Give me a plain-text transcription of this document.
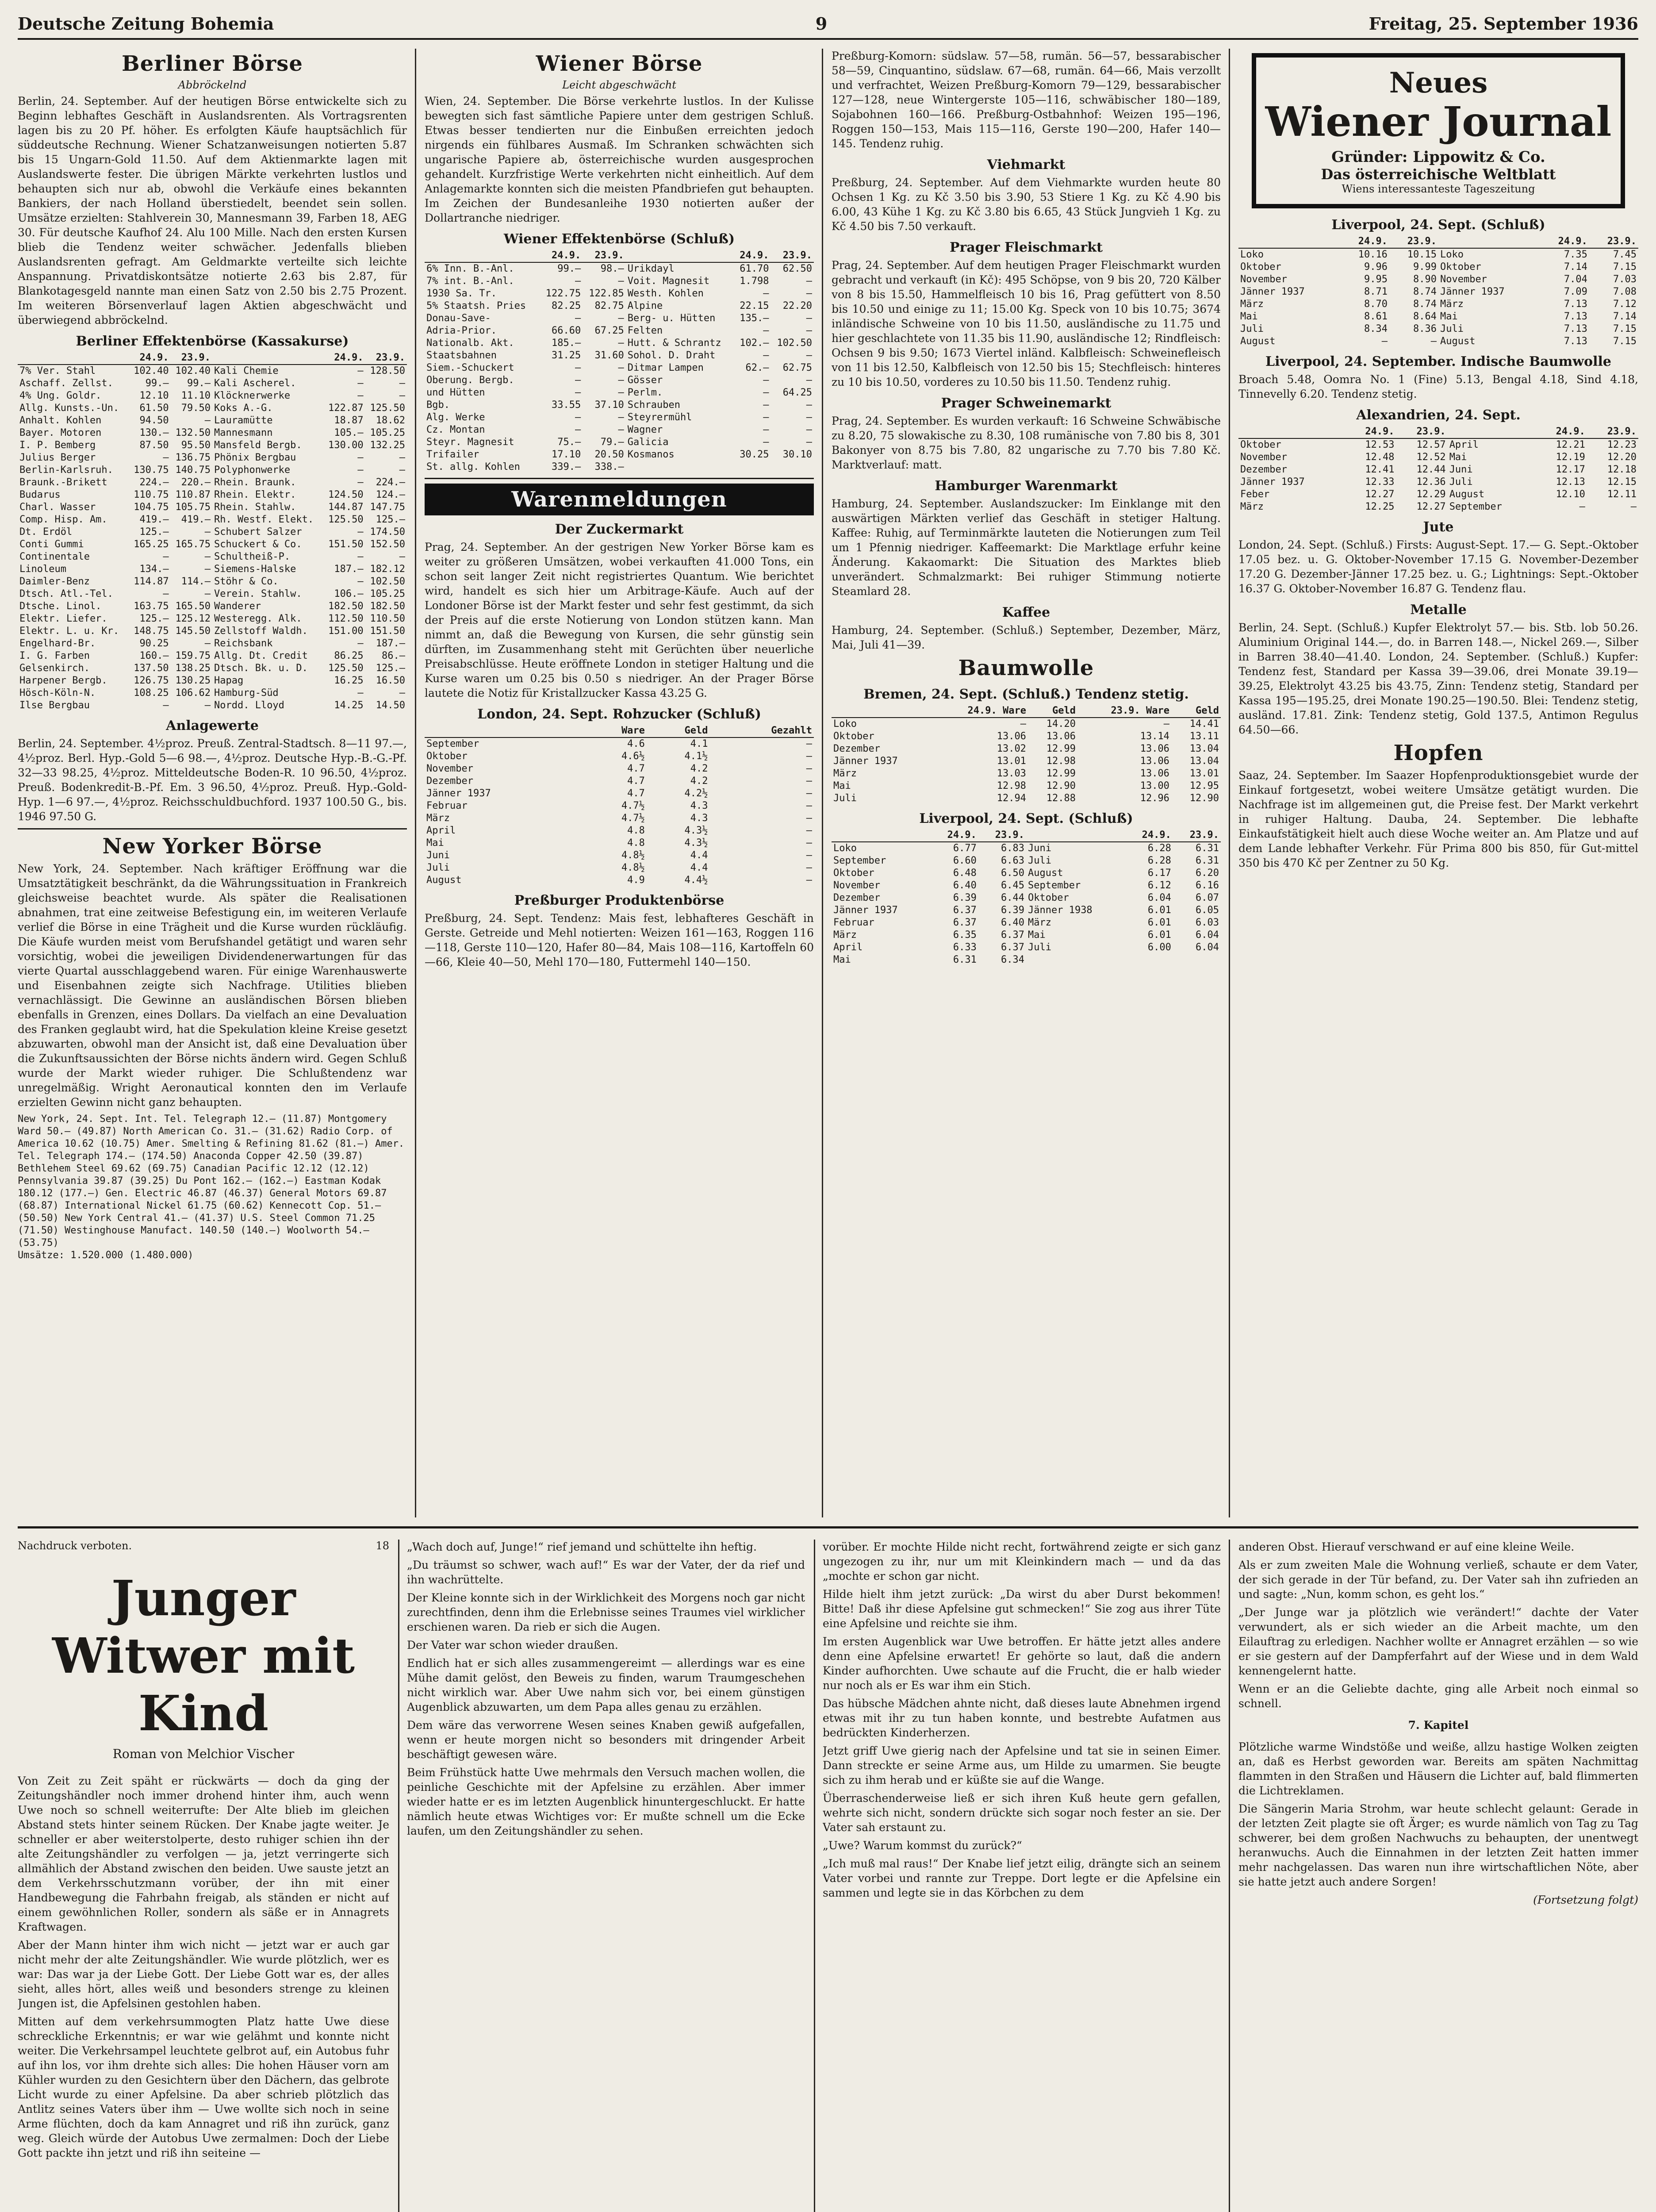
Deutsche Zeitung Bohemia	9	Freitag, 25. September 1936
Berliner Börse
Abbröckelnd

Berlin, 24. September. Auf der heutigen Börse entwickelte sich zu Beginn lebhaftes Geschäft in Auslandsrenten. Als Vortragsrenten lagen bis zu 20 Pf. höher. Es erfolgten Käufe hauptsächlich für süddeutsche Rechnung. Wiener Schatzanweisungen notierten 5.87 bis 15 Ungarn-Gold 11.50. Auf dem Aktienmarkte lagen mit Auslandswerte fester. Die übrigen Märkte verkehrten lustlos und behaupten sich nur ab, obwohl die Verkäufe eines bekannten Bankiers, der nach Holland überstiedelt, beendet sein sollen. Umsätze erzielten: Stahlverein 30, Mannesmann 39, Farben 18, AEG 30. Für deutsche Kaufhof 24. Alu 100 Mille. Nach den ersten Kursen blieb die Tendenz weiter schwächer. Jedenfalls blieben Auslandsrenten gefragt. Am Geldmarkte verteilte sich leichte Anspannung. Privatdiskontsätze notierte 2.63 bis 2.87, für Blankotagesgeld nannte man einen Satz von 2.50 bis 2.75 Prozent. Im weiteren Börsenverlauf lagen Aktien abgeschwächt und überwiegend abbröckelnd.

Berliner Effektenbörse (Kassakurse)
	24.9.	23.9.		24.9.	23.9.
7% Ver. Stahl	102.40	102.40	Kali Chemie	—	128.50
Aschaff. Zellst.	99.—	99.—	Kali Ascherel.	—	—
4% Ung. Goldr.	12.10	11.10	Klöcknerwerke	—	—
Allg. Kunsts.-Un.	61.50	79.50	Koks A.-G.	122.87	125.50
Anhalt. Kohlen	94.50	—	Lauramütte	18.87	18.62
Bayer. Motoren	130.—	132.50	Mannesmann	105.—	105.25
I. P. Bemberg	87.50	95.50	Mansfeld Bergb.	130.00	132.25
Julius Berger	—	136.75	Phönix Bergbau	—	—
Berlin-Karlsruh.	130.75	140.75	Polyphonwerke	—	—
Braunk.-Brikett	224.—	220.—	Rhein. Braunk.	—	224.—
Budarus	110.75	110.87	Rhein. Elektr.	124.50	124.—
Charl. Wasser	104.75	105.75	Rhein. Stahlw.	144.87	147.75
Comp. Hisp. Am.	419.—	419.—	Rh. Westf. Elekt.	125.50	125.—
Dt. Erdöl	125.—	—	Schubert Salzer	—	174.50
Conti Gummi	165.25	165.75	Schuckert & Co.	151.50	152.50
Continentale	—	—	Schultheiß-P.	—	—
Linoleum	134.—	—	Siemens-Halske	187.—	182.12
Daimler-Benz	114.87	114.—	Stöhr & Co.	—	102.50
Dtsch. Atl.-Tel.	—	—	Verein. Stahlw.	106.—	105.25
Dtsche. Linol.	163.75	165.50	Wanderer	182.50	182.50
Elektr. Liefer.	125.—	125.12	Westeregg. Alk.	112.50	110.50
Elektr. L. u. Kr.	148.75	145.50	Zellstoff Waldh.	151.00	151.50
Engelhard-Br.	90.25	—	Reichsbank	—	187.—
I. G. Farben	160.—	159.75	Allg. Dt. Credit	86.25	86.—
Gelsenkirch.	137.50	138.25	Dtsch. Bk. u. D.	125.50	125.—
Harpener Bergb.	126.75	130.25	Hapag	16.25	16.50
Hösch-Köln-N.	108.25	106.62	Hamburg-Süd	—	—
Ilse Bergbau	—	—	Nordd. Lloyd	14.25	14.50
Anlagewerte

Berlin, 24. September. 4½proz. Preuß. Zentral-Stadtsch. 8—11 97.—, 4½proz. Berl. Hyp.-Gold 5—6 98.—, 4½proz. Deutsche Hyp.-B.-G.-Pf. 32—33 98.25, 4½proz. Mitteldeutsche Boden-R. 10 96.50, 4½proz. Preuß. Bodenkredit-B.-Pf. Em. 3 96.50, 4½proz. Preuß. Hyp.-Gold-Hyp. 1—6 97.—, 4½proz. Reichsschuldbuchford. 1937 100.50 G., bis. 1946 97.50 G.

New Yorker Börse

New York, 24. September. Nach kräftiger Eröffnung war die Umsatztätigkeit beschränkt, da die Währungssituation in Frankreich gleichsweise beachtet wurde. Als später die Realisationen abnahmen, trat eine zeitweise Befestigung ein, im weiteren Verlaufe verlief die Börse in eine Trägheit und die Kurse wurden rückläufig. Die Käufe wurden meist vom Berufshandel getätigt und waren sehr vorsichtig, wobei die jeweiligen Dividendenerwartungen für das vierte Quartal ausschlaggebend waren. Für einige Warenhauswerte und Eisenbahnen zeigte sich Nachfrage. Utilities blieben vernachlässigt. Die Gewinne an ausländischen Börsen blieben ebenfalls in Grenzen, eines Dollars. Da vielfach an eine Devaluation des Franken geglaubt wird, hat die Spekulation kleine Kreise gesetzt abzuwarten, obwohl man der Ansicht ist, daß eine Devaluation über die Zukunftsaussichten der Börse nichts ändern wird. Gegen Schluß wurde der Markt wieder ruhiger. Die Schlußtendenz war unregelmäßig. Wright Aeronautical konnten den im Verlaufe erzielten Gewinn nicht ganz behaupten.

New York, 24. Sept. Int. Tel. Telegraph 12.— (11.87) Montgomery Ward 50.— (49.87) North American Co. 31.— (31.62) Radio Corp. of America 10.62 (10.75) Amer. Smelting & Refining 81.62 (81.—) Amer. Tel. Telegraph 174.— (174.50) Anaconda Copper 42.50 (39.87) Bethlehem Steel 69.62 (69.75) Canadian Pacific 12.12 (12.12) Pennsylvania 39.87 (39.25) Du Pont 162.— (162.—) Eastman Kodak 180.12 (177.—) Gen. Electric 46.87 (46.37) General Motors 69.87 (68.87) International Nickel 61.75 (60.62) Kennecott Cop. 51.— (50.50) New York Central 41.— (41.37) U.S. Steel Common 71.25 (71.50) Westinghouse Manufact. 140.50 (140.—) Woolworth 54.— (53.75)

Umsätze: 1.520.000 (1.480.000)

Wiener Börse
Leicht abgeschwächt

Wien, 24. September. Die Börse verkehrte lustlos. In der Kulisse bewegten sich fast sämtliche Papiere unter dem gestrigen Schluß. Etwas besser tendierten nur die Einbußen erreichten jedoch nirgends ein fühlbares Ausmaß. Im Schranken schwächten sich ungarische Papiere ab, österreichische wurden ausgesprochen gehandelt. Kurzfristige Werte verkehrten nicht einheitlich. Auf dem Anlagemarkte konnten sich die meisten Pfandbriefen gut behaupten. Im Zeichen der Bundesanleihe 1930 notierten außer der Dollartranche niedriger.

Wiener Effektenbörse (Schluß)
	24.9.	23.9.		24.9.	23.9.
6% Inn. B.-Anl.	99.—	98.—	Urikdayl	61.70	62.50
7% int. B.-Anl.	—	—	Voit. Magnesit	1.798	—
1930 Sa. Tr.	122.75	122.85	Westh. Kohlen	—	—
5% Staatsh. Pries	82.25	82.75	Alpine	22.15	22.20
Donau-Save-	—	—	Berg- u. Hütten	135.—	—
Adria-Prior.	66.60	67.25	Felten	—	—
Nationalb. Akt.	185.—	—	Hutt. & Schrantz	102.—	102.50
Staatsbahnen	31.25	31.60	Sohol. D. Draht	—	—
Siem.-Schuckert	—	—	Ditmar Lampen	62.—	62.75
Oberung. Bergb.	—	—	Gösser	—	—
und Hütten	—	—	Perlm.	—	64.25
Bgb.	33.55	37.10	Schrauben	—	—
Alg. Werke	—	—	Steyrermühl	—	—
Cz. Montan	—	—	Wagner	—	—
Steyr. Magnesit	75.—	79.—	Galicia	—	—
Trifailer	17.10	20.50	Kosmanos	30.25	30.10
St. allg. Kohlen	339.—	338.—			
Warenmeldungen
Der Zuckermarkt

Prag, 24. September. An der gestrigen New Yorker Börse kam es weiter zu größeren Umsätzen, wobei verkauften 41.000 Tons, ein schon seit langer Zeit nicht registriertes Quantum. Wie berichtet wird, handelt es sich hier um Arbitrage-Käufe. Auch auf der Londoner Börse ist der Markt fester und sehr fest gestimmt, da sich der Preis auf die erste Notierung von London stützen kann. Man nimmt an, daß die Bewegung von Kursen, die sehr günstig sein dürften, im Zusammenhang steht mit Gerüchten über neuerliche Preisabschlüsse. Heute eröffnete London in stetiger Haltung und die Kurse waren um 0.25 bis 0.50 s niedriger. An der Prager Börse lautete die Notiz für Kristallzucker Kassa 43.25 G.

London, 24. Sept. Rohzucker (Schluß)
	Ware	Geld	Gezahlt
September	4.6	4.1	—
Oktober	4.6½	4.1½	—
November	4.7	4.2	—
Dezember	4.7	4.2	—
Jänner 1937	4.7	4.2½	—
Februar	4.7½	4.3	—
März	4.7½	4.3	—
April	4.8	4.3½	—
Mai	4.8	4.3½	—
Juni	4.8½	4.4	—
Juli	4.8½	4.4	—
August	4.9	4.4½	—
Preßburger Produktenbörse

Preßburg, 24. Sept. Tendenz: Mais fest, lebhafteres Geschäft in Gerste. Getreide und Mehl notierten: Weizen 161—163, Roggen 116—118, Gerste 110—120, Hafer 80—84, Mais 108—116, Kartoffeln 60—66, Kleie 40—50, Mehl 170—180, Futtermehl 140—150.

Preßburg-Komorn: südslaw. 57—58, rumän. 56—57, bessarabischer 58—59, Cinquantino, südslaw. 67—68, rumän. 64—66, Mais verzollt und verfrachtet, Weizen Preßburg-Komorn 79—129, bessarabischer 127—128, neue Wintergerste 105—116, schwäbischer 180—189, Sojabohnen 160—166. Preßburg-Ostbahnhof: Weizen 195—196, Roggen 150—153, Mais 115—116, Gerste 190—200, Hafer 140—145. Tendenz ruhig.

Viehmarkt

Preßburg, 24. September. Auf dem Viehmarkte wurden heute 80 Ochsen 1 Kg. zu Kč 3.50 bis 3.90, 53 Stiere 1 Kg. zu Kč 4.90 bis 6.00, 43 Kühe 1 Kg. zu Kč 3.80 bis 6.65, 43 Stück Jungvieh 1 Kg. zu Kč 4.50 bis 7.50 verkauft.

Prager Fleischmarkt

Prag, 24. September. Auf dem heutigen Prager Fleischmarkt wurden gebracht und verkauft (in Kč): 495 Schöpse, von 9 bis 20, 720 Kälber von 8 bis 15.50, Hammelfleisch 10 bis 16, Prag gefüttert von 8.50 bis 10.50 und einige zu 11; 15.00 Kg. Speck von 10 bis 10.75; 3674 inländische Schweine von 10 bis 11.50, ausländische zu 11.75 und hier geschlachtete von 11.35 bis 11.90, ausländische 12; Rindfleisch: Ochsen 9 bis 9.50; 1673 Viertel inländ. Kalbfleisch: Schweinefleisch von 11 bis 12.50, Kalbfleisch von 12.50 bis 15; Stechfleisch: hinteres zu 10 bis 10.50, vorderes zu 10.50 bis 11.50. Tendenz ruhig.

Prager Schweinemarkt

Prag, 24. September. Es wurden verkauft: 16 Schweine Schwäbische zu 8.20, 75 slowakische zu 8.30, 108 rumänische von 7.80 bis 8, 301 Bakonyer von 8.75 bis 7.80, 82 ungarische zu 7.70 bis 7.80 Kč. Marktverlauf: matt.

Hamburger Warenmarkt

Hamburg, 24. September. Auslandszucker: Im Einklange mit den auswärtigen Märkten verlief das Geschäft in stetiger Haltung. Kaffee: Ruhig, auf Terminmärkte lauteten die Notierungen zum Teil um 1 Pfennig niedriger. Kaffeemarkt: Die Marktlage erfuhr keine Änderung. Kakaomarkt: Die Situation des Marktes blieb unverändert. Schmalzmarkt: Bei ruhiger Stimmung notierte Steamlard 28.

Kaffee

Hamburg, 24. September. (Schluß.) September, Dezember, März, Mai, Juli 41—39.

Baumwolle
Bremen, 24. Sept. (Schluß.) Tendenz stetig.
	24.9. Ware	Geld	23.9. Ware	Geld
Loko	—	14.20	—	14.41
Oktober	13.06	13.06	13.14	13.11
Dezember	13.02	12.99	13.06	13.04
Jänner 1937	13.01	12.98	13.06	13.04
März	13.03	12.99	13.06	13.01
Mai	12.98	12.90	13.00	12.95
Juli	12.94	12.88	12.96	12.90
Liverpool, 24. Sept. (Schluß)
	24.9.	23.9.		24.9.	23.9.
Loko	6.77	6.83	Juni	6.28	6.31
September	6.60	6.63	Juli	6.28	6.31
Oktober	6.48	6.50	August	6.17	6.20
November	6.40	6.45	September	6.12	6.16
Dezember	6.39	6.44	Oktober	6.04	6.07
Jänner 1937	6.37	6.39	Jänner 1938	6.01	6.05
Februar	6.37	6.40	März	6.01	6.03
März	6.35	6.37	Mai	6.01	6.04
April	6.33	6.37	Juli	6.00	6.04
Mai	6.31	6.34			
Neues
Wiener Journal
Gründer: Lippowitz & Co.
Das österreichische Weltblatt
Wiens interessanteste Tageszeitung
Liverpool, 24. Sept. (Schluß)
	24.9.	23.9.		24.9.	23.9.
Loko	10.16	10.15	Loko	7.35	7.45
Oktober	9.96	9.99	Oktober	7.14	7.15
November	9.95	8.90	November	7.04	7.03
Jänner 1937	8.71	8.74	Jänner 1937	7.09	7.08
März	8.70	8.74	März	7.13	7.12
Mai	8.61	8.64	Mai	7.13	7.14
Juli	8.34	8.36	Juli	7.13	7.15
August	—	—	August	7.13	7.15
Liverpool, 24. September. Indische Baumwolle

Broach 5.48, Oomra No. 1 (Fine) 5.13, Bengal 4.18, Sind 4.18, Tinnevelly 6.20. Tendenz stetig.

Alexandrien, 24. Sept.
	24.9.	23.9.		24.9.	23.9.
Oktober	12.53	12.57	April	12.21	12.23
November	12.48	12.52	Mai	12.19	12.20
Dezember	12.41	12.44	Juni	12.17	12.18
Jänner 1937	12.33	12.36	Juli	12.13	12.15
Feber	12.27	12.29	August	12.10	12.11
März	12.25	12.27	September	—	—
Jute

London, 24. Sept. (Schluß.) Firsts: August-Sept. 17.— G. Sept.-Oktober 17.05 bez. u. G. Oktober-November 17.15 G. November-Dezember 17.20 G. Dezember-Jänner 17.25 bez. u. G.; Lightnings: Sept.-Oktober 16.37 G. Oktober-November 16.87 G. Tendenz flau.

Metalle

Berlin, 24. Sept. (Schluß.) Kupfer Elektrolyt 57.— bis. Stb. lob 50.26. Aluminium Original 144.—, do. in Barren 148.—, Nickel 269.—, Silber in Barren 38.40—41.40. London, 24. September. (Schluß.) Kupfer: Tendenz fest, Standard per Kassa 39—39.06, drei Monate 39.19—39.25, Elektrolyt 43.25 bis 43.75, Zinn: Tendenz stetig, Standard per Kassa 195—195.25, drei Monate 190.25—190.50. Blei: Tendenz stetig, ausländ. 17.81. Zink: Tendenz stetig, Gold 137.5, Antimon Regulus 64.50—66.

Hopfen

Saaz, 24. September. Im Saazer Hopfenproduktionsgebiet wurde der Einkauf fortgesetzt, wobei weitere Umsätze getätigt wurden. Die Nachfrage ist im allgemeinen gut, die Preise fest. Der Markt verkehrt in ruhiger Haltung. Dauba, 24. September. Die lebhafte Einkaufstätigkeit hielt auch diese Woche weiter an. Am Platze und auf dem Lande lebhafter Verkehr. Für Prima 800 bis 850, für Gut-mittel 350 bis 470 Kč per Zentner zu 50 Kg.

Nachdruck verboten.	18
Junger Witwer mit Kind
Roman von Melchior Vischer

Von Zeit zu Zeit späht er rückwärts — doch da ging der Zeitungshändler noch immer drohend hinter ihm, auch wenn Uwe noch so schnell weiterrufte: Der Alte blieb im gleichen Abstand stets hinter seinem Rücken. Der Knabe jagte weiter. Je schneller er aber weiterstolperte, desto ruhiger schien ihn der alte Zeitungshändler zu verfolgen — ja, jetzt verringerte sich allmählich der Abstand zwischen den beiden. Uwe sauste jetzt an dem Verkehrsschutzmann vorüber, der ihn mit einer Handbewegung die Fahrbahn freigab, als ständen er nicht auf einem gewöhnlichen Roller, sondern als säße er in Annagrets Kraftwagen.

Aber der Mann hinter ihm wich nicht — jetzt war er auch gar nicht mehr der alte Zeitungshändler. Wie wurde plötzlich, wer es war: Das war ja der Liebe Gott. Der Liebe Gott war es, der alles sieht, alles hört, alles weiß und besonders strenge zu kleinen Jungen ist, die Apfelsinen gestohlen haben.

Mitten auf dem verkehrsummogten Platz hatte Uwe diese schreckliche Erkenntnis; er war wie gelähmt und konnte nicht weiter. Die Verkehrsampel leuchtete gelbrot auf, ein Autobus fuhr auf ihn los, vor ihm drehte sich alles: Die hohen Häuser vorn am Kühler wurden zu den Gesichtern über den Dächern, das gelbrote Licht wurde zu einer Apfelsine. Da aber schrieb plötzlich das Antlitz seines Vaters über ihm — Uwe wollte sich noch in seine Arme flüchten, doch da kam Annagret und riß ihn zurück, ganz weg. Gleich würde der Autobus Uwe zermalmen: Doch der Liebe Gott packte ihn jetzt und riß ihn seiteine —

„Wach doch auf, Junge!“ rief jemand und schüttelte ihn heftig.

„Du träumst so schwer, wach auf!“ Es war der Vater, der da rief und ihn wachrüttelte.

Der Kleine konnte sich in der Wirklichkeit des Morgens noch gar nicht zurechtfinden, denn ihm die Erlebnisse seines Traumes viel wirklicher erschienen waren. Da rieb er sich die Augen.

Der Vater war schon wieder draußen.

Endlich hat er sich alles zusammengereimt — allerdings war es eine Mühe damit gelöst, den Beweis zu finden, warum Traumgeschehen nicht wirklich war. Aber Uwe nahm sich vor, bei einem günstigen Augenblick abzuwarten, um dem Papa alles genau zu erzählen.

Dem wäre das verworrene Wesen seines Knaben gewiß aufgefallen, wenn er heute morgen nicht so besonders mit dringender Arbeit beschäftigt gewesen wäre.

Beim Frühstück hatte Uwe mehrmals den Versuch machen wollen, die peinliche Geschichte mit der Apfelsine zu erzählen. Aber immer wieder hatte er es im letzten Augenblick hinuntergeschluckt. Er hatte nämlich heute etwas Wichtiges vor: Er mußte schnell um die Ecke laufen, um den Zeitungshändler zu sehen.

vorüber. Er mochte Hilde nicht recht, fortwährend zeigte er sich ganz ungezogen zu ihr, nur um mit Kleinkindern mach — und da das „mochte er schon gar nicht.

Hilde hielt ihm jetzt zurück: „Da wirst du aber Durst bekommen! Bitte! Daß ihr diese Apfelsine gut schmecken!“ Sie zog aus ihrer Tüte eine Apfelsine und reichte sie ihm.

Im ersten Augenblick war Uwe betroffen. Er hätte jetzt alles andere denn eine Apfelsine erwartet! Er gehörte so laut, daß die andern Kinder aufhorchten. Uwe schaute auf die Frucht, die er halb wieder nur noch als er Es war ihm ein Stich.

Das hübsche Mädchen ahnte nicht, daß dieses laute Abnehmen irgend etwas mit ihr zu tun haben konnte, und bestrebte Aufatmen aus bedrückten Kinderherzen.

Jetzt griff Uwe gierig nach der Apfelsine und tat sie in seinen Eimer. Dann streckte er seine Arme aus, um Hilde zu umarmen. Sie beugte sich zu ihm herab und er küßte sie auf die Wange.

Überraschenderweise ließ er sich ihren Kuß heute gern gefallen, wehrte sich nicht, sondern drückte sich sogar noch fester an sie. Der Vater sah erstaunt zu.

„Uwe? Warum kommst du zurück?“

„Ich muß mal raus!“ Der Knabe lief jetzt eilig, drängte sich an seinem Vater vorbei und rannte zur Treppe. Dort legte er die Apfelsine ein sammen und legte sie in das Körbchen zu dem

anderen Obst. Hierauf verschwand er auf eine kleine Weile.

Als er zum zweiten Male die Wohnung verließ, schaute er dem Vater, der sich gerade in der Tür befand, zu. Der Vater sah ihn zufrieden an und sagte: „Nun, komm schon, es geht los.“

„Der Junge war ja plötzlich wie verändert!“ dachte der Vater verwundert, als er sich wieder an die Arbeit machte, um den Eilauftrag zu erledigen. Nachher wollte er Annagret erzählen — so wie er sie gestern auf der Dampferfahrt auf der Wiese und in dem Wald kennengelernt hatte.

Wenn er an die Geliebte dachte, ging alle Arbeit noch einmal so schnell.

7. Kapitel

Plötzliche warme Windstöße und weiße, allzu hastige Wolken zeigten an, daß es Herbst geworden war. Bereits am späten Nachmittag flammten in den Straßen und Häusern die Lichter auf, bald flimmerten die Lichtreklamen.

Die Sängerin Maria Strohm, war heute schlecht gelaunt: Gerade in der letzten Zeit plagte sie oft Ärger; es wurde nämlich von Tag zu Tag schwerer, bei dem großen Nachwuchs zu behaupten, der unentwegt heranwuchs. Auch die Einnahmen in der letzten Zeit hatten immer mehr nachgelassen. Das waren nun ihre wirtschaftlichen Nöte, aber sie hatte jetzt auch andere Sorgen!

(Fortsetzung folgt)
